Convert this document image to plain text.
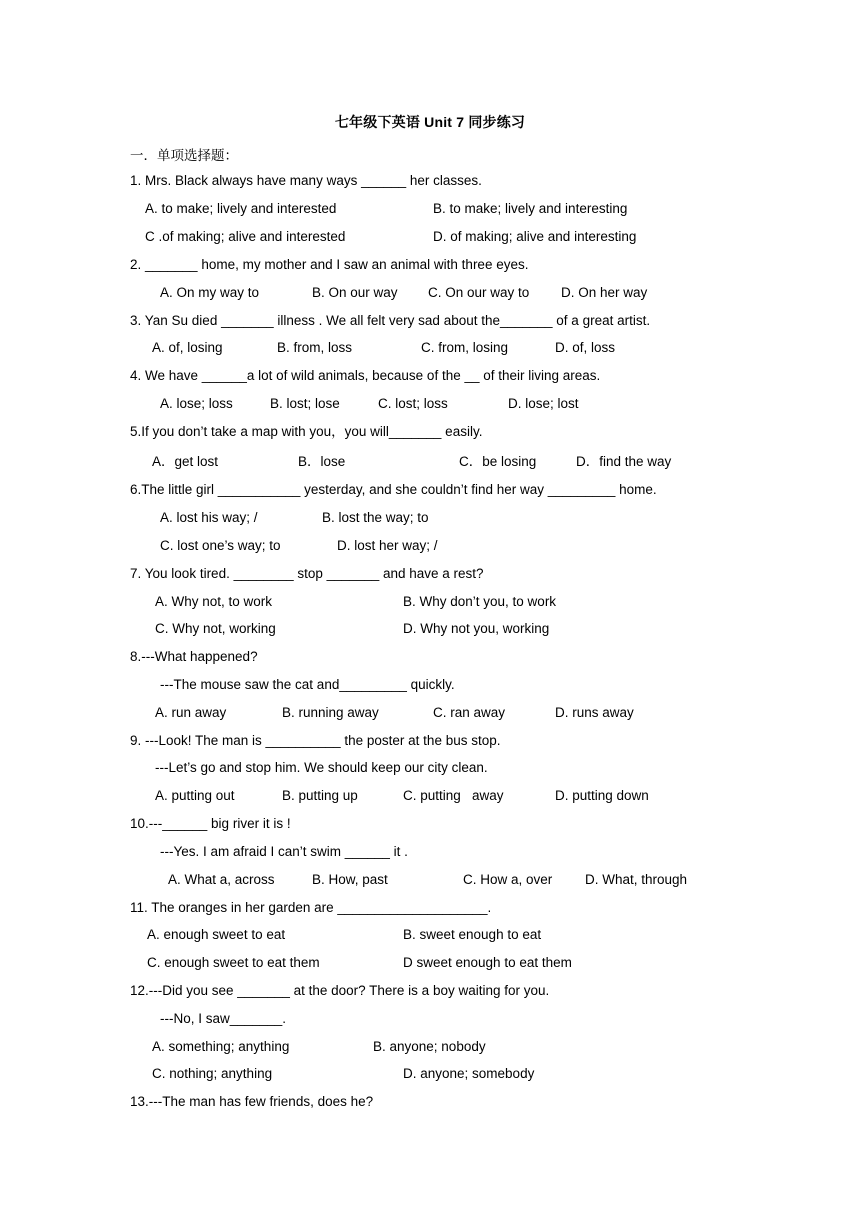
七年级下英语 Unit 7 同步练习
一．单项选择题：
1. Mrs. Black always have many ways ______ her classes.
A. to make; lively and interested	B. to make; lively and interesting
C .of making; alive and interested	D. of making; alive and interesting
2. _______ home, my mother and I saw an animal with three eyes.
A. On my way to	B. On our way C. On our way to D. On her way
3. Yan Su died _______ illness . We all felt very sad about the_______ of a great artist.
A. of, losing	B. from, loss	C. from, losing	D. of, loss
4. We have ______a lot of wild animals, because of the __ of their living areas.
A. lose; loss	B. lost; lose	C. lost; loss	D. lose; lost
5.If you don’t take a map with you，you will_______ easily.
A．get lost	B．lose	C．be losing	D．find the way
6.The little girl ___________ yesterday, and she couldn’t find her way _________ home.
A. lost his way; /	B. lost the way; to
C. lost one’s way; to	D. lost her way; /
7. You look tired. ________ stop _______ and have a rest?
A. Why not, to work	B. Why don’t you, to work
C. Why not, working	D. Why not you, working
8.---What happened?
---The mouse saw the cat and_________ quickly.
A. run away	B. running away	C. ran away	D. runs away
9. ---Look! The man is __________ the poster at the bus stop.
---Let’s go and stop him. We should keep our city clean.
A. putting out	B. putting up	C. putting   away	D. putting down
10.---______ big river it is !
---Yes. I am afraid I can’t swim ______ it .
A. What a, across	B. How, past	C. How a, over D. What, through
11. The oranges in her garden are ____________________.
A. enough sweet to eat	B. sweet enough to eat
C. enough sweet to eat them	D sweet enough to eat them
12.---Did you see _______ at the door? There is a boy waiting for you.
---No, I saw_______.
A. something; anything	B. anyone; nobody
C. nothing; anything	D. anyone; somebody
13.---The man has few friends, does he?
